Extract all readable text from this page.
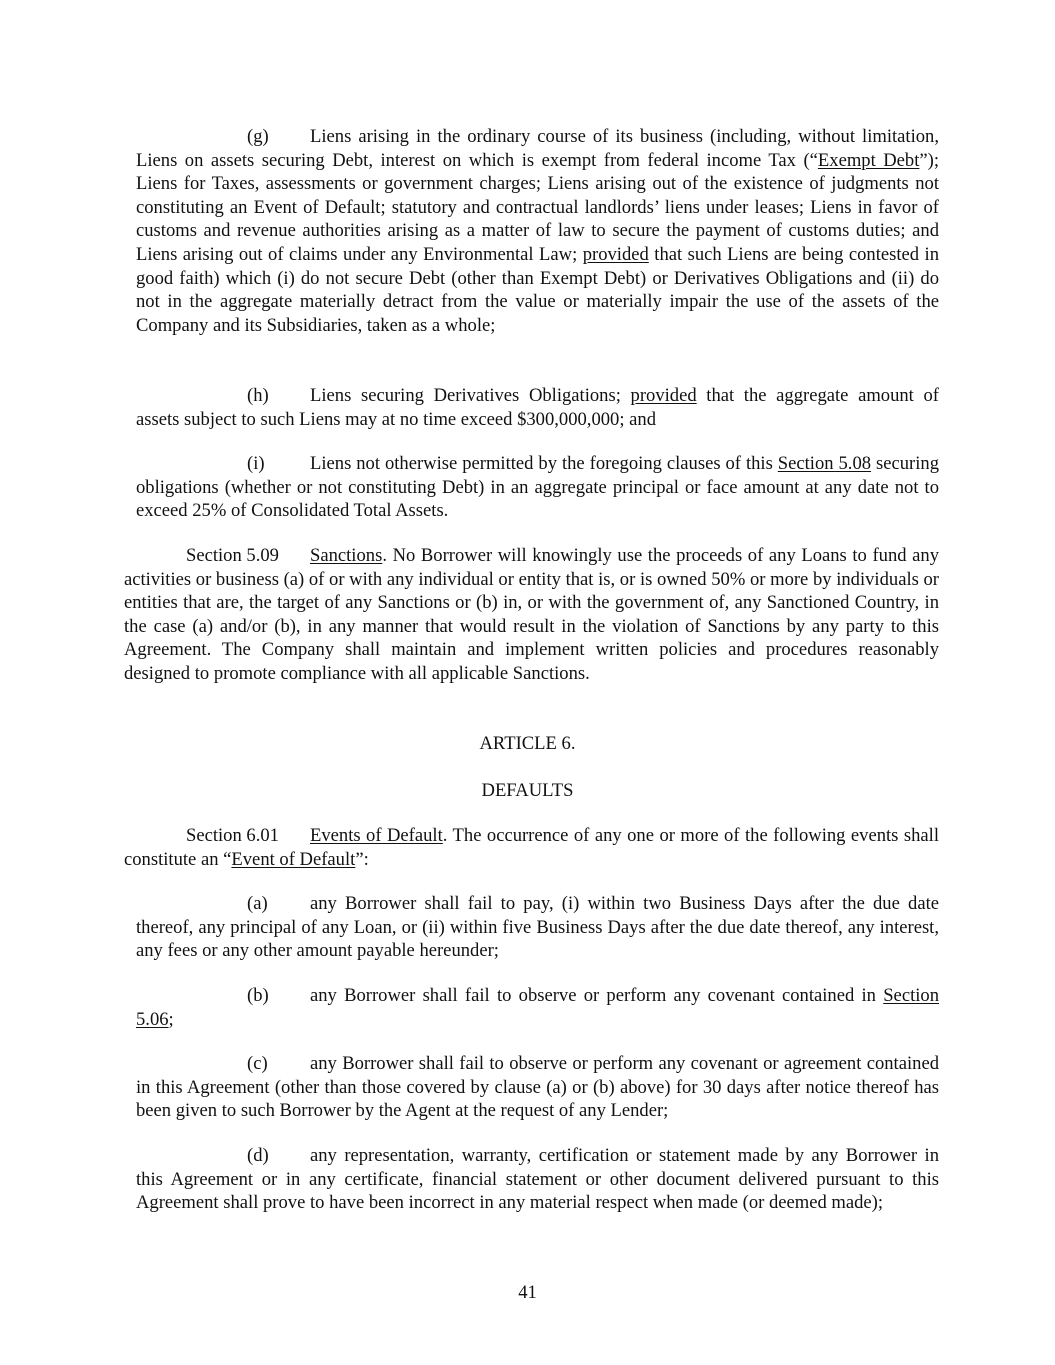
(g) Liens arising in the ordinary course of its business (including, without limitation, Liens on assets securing Debt, interest on which is exempt from federal income Tax (“Exempt Debt”); Liens for Taxes, assessments or government charges; Liens arising out of the existence of judgments not constituting an Event of Default; statutory and contractual landlords’ liens under leases; Liens in favor of customs and revenue authorities arising as a matter of law to secure the payment of customs duties; and Liens arising out of claims under any Environmental Law; provided that such Liens are being contested in good faith) which (i) do not secure Debt (other than Exempt Debt) or Derivatives Obligations and (ii) do not in the aggregate materially detract from the value or materially impair the use of the assets of the Company and its Subsidiaries, taken as a whole;

(h) Liens securing Derivatives Obligations; provided that the aggregate amount of assets subject to such Liens may at no time exceed $300,000,000; and

(i) Liens not otherwise permitted by the foregoing clauses of this Section 5.08 securing obligations (whether or not constituting Debt) in an aggregate principal or face amount at any date not to exceed 25% of Consolidated Total Assets.

Section 5.09 Sanctions. No Borrower will knowingly use the proceeds of any Loans to fund any activities or business (a) of or with any individual or entity that is, or is owned 50% or more by individuals or entities that are, the target of any Sanctions or (b) in, or with the government of, any Sanctioned Country, in the case (a) and/or (b), in any manner that would result in the violation of Sanctions by any party to this Agreement. The Company shall maintain and implement written policies and procedures reasonably designed to promote compliance with all applicable Sanctions.

ARTICLE 6.

DEFAULTS

Section 6.01 Events of Default. The occurrence of any one or more of the following events shall constitute an “Event of Default”:

(a) any Borrower shall fail to pay, (i) within two Business Days after the due date thereof, any principal of any Loan, or (ii) within five Business Days after the due date thereof, any interest, any fees or any other amount payable hereunder;

(b) any Borrower shall fail to observe or perform any covenant contained in Section 5.06;

(c) any Borrower shall fail to observe or perform any covenant or agreement contained in this Agreement (other than those covered by clause (a) or (b) above) for 30 days after notice thereof has been given to such Borrower by the Agent at the request of any Lender;

(d) any representation, warranty, certification or statement made by any Borrower in this Agreement or in any certificate, financial statement or other document delivered pursuant to this Agreement shall prove to have been incorrect in any material respect when made (or deemed made);

41
